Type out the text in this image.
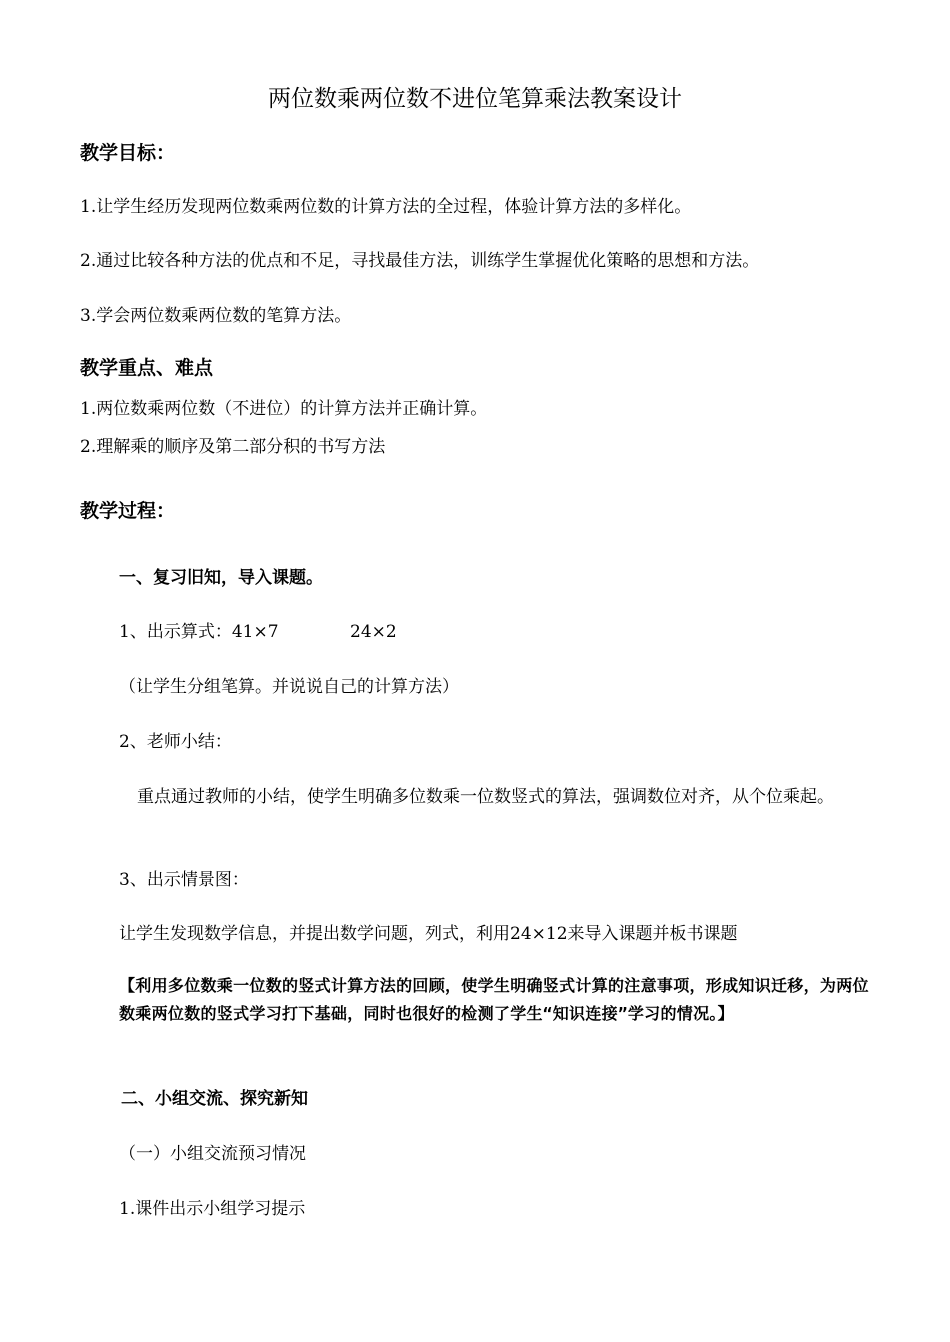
两位数乘两位数不进位笔算乘法教案设计
教学目标：
1.让学生经历发现两位数乘两位数的计算方法的全过程，体验计算方法的多样化。
2.通过比较各种方法的优点和不足，寻找最佳方法，训练学生掌握优化策略的思想和方法。
3.学会两位数乘两位数的笔算方法。
教学重点、难点
1.两位数乘两位数（不进位）的计算方法并正确计算。
2.理解乘的顺序及第二部分积的书写方法
教学过程：
一、复习旧知，导入课题。
1、出示算式：41×7	24×2
（让学生分组笔算。并说说自己的计算方法）
2、老师小结：
重点通过教师的小结，使学生明确多位数乘一位数竖式的算法，强调数位对齐，从个位乘起。
3、出示情景图：
让学生发现数学信息，并提出数学问题，列式，利用24×12来导入课题并板书课题
【利用多位数乘一位数的竖式计算方法的回顾，使学生明确竖式计算的注意事项，形成知识迁移，为两位数乘两位数的竖式学习打下基础，同时也很好的检测了学生“知识连接”学习的情况。】
二、小组交流、探究新知
（一）小组交流预习情况
1.课件出示小组学习提示
